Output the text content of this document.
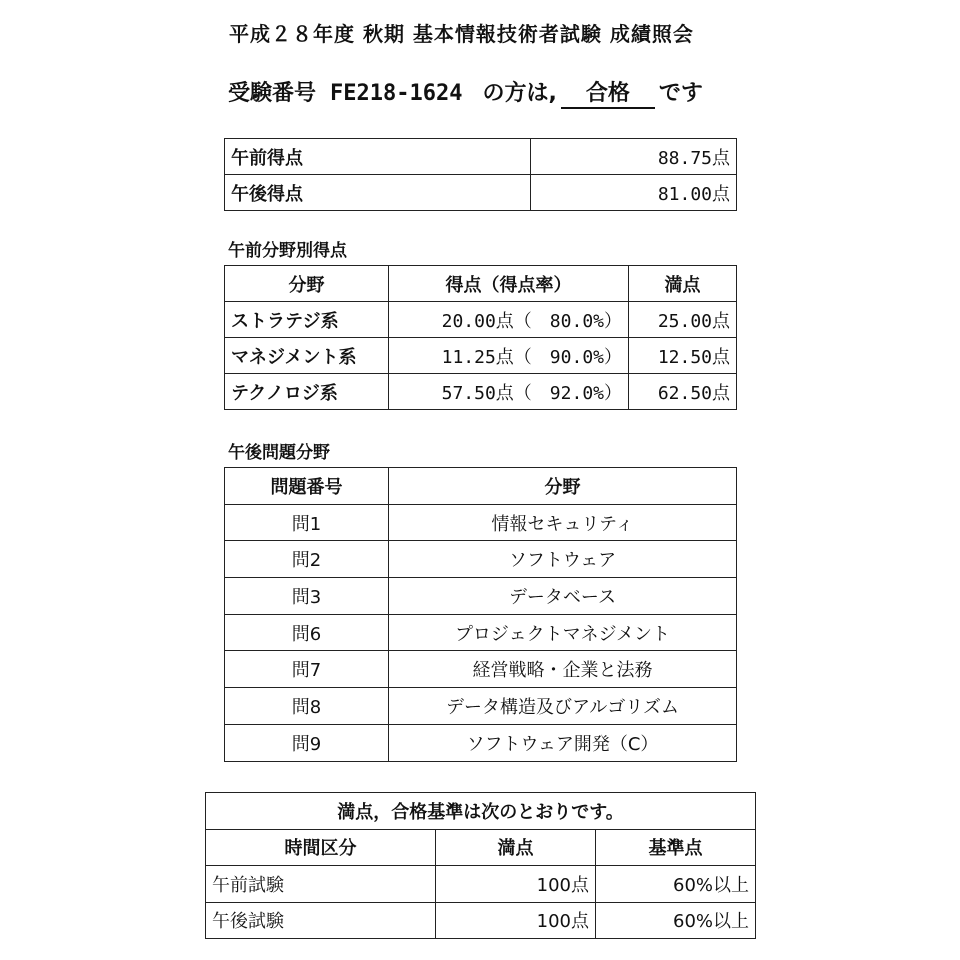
平成２８年度 秋期 基本情報技術者試験 成績照会
受験番号 FE218-1624 の方は,	合格	です
午前得点	88.75点
午後得点	81.00点
午前分野別得点
分野	得点（得点率）	満点
ストラテジ系	20.00点（　80.0%）	25.00点
マネジメント系	11.25点（　90.0%）	12.50点
テクノロジ系	57.50点（　92.0%）	62.50点
午後問題分野
問題番号	分野
問1	情報セキュリティ
問2	ソフトウェア
問3	データベース
問6	プロジェクトマネジメント
問7	経営戦略・企業と法務
問8	データ構造及びアルゴリズム
問9	ソフトウェア開発（C）
満点，合格基準は次のとおりです。		
時間区分	満点	基準点
午前試験	100点	60%以上
午後試験	100点	60%以上
